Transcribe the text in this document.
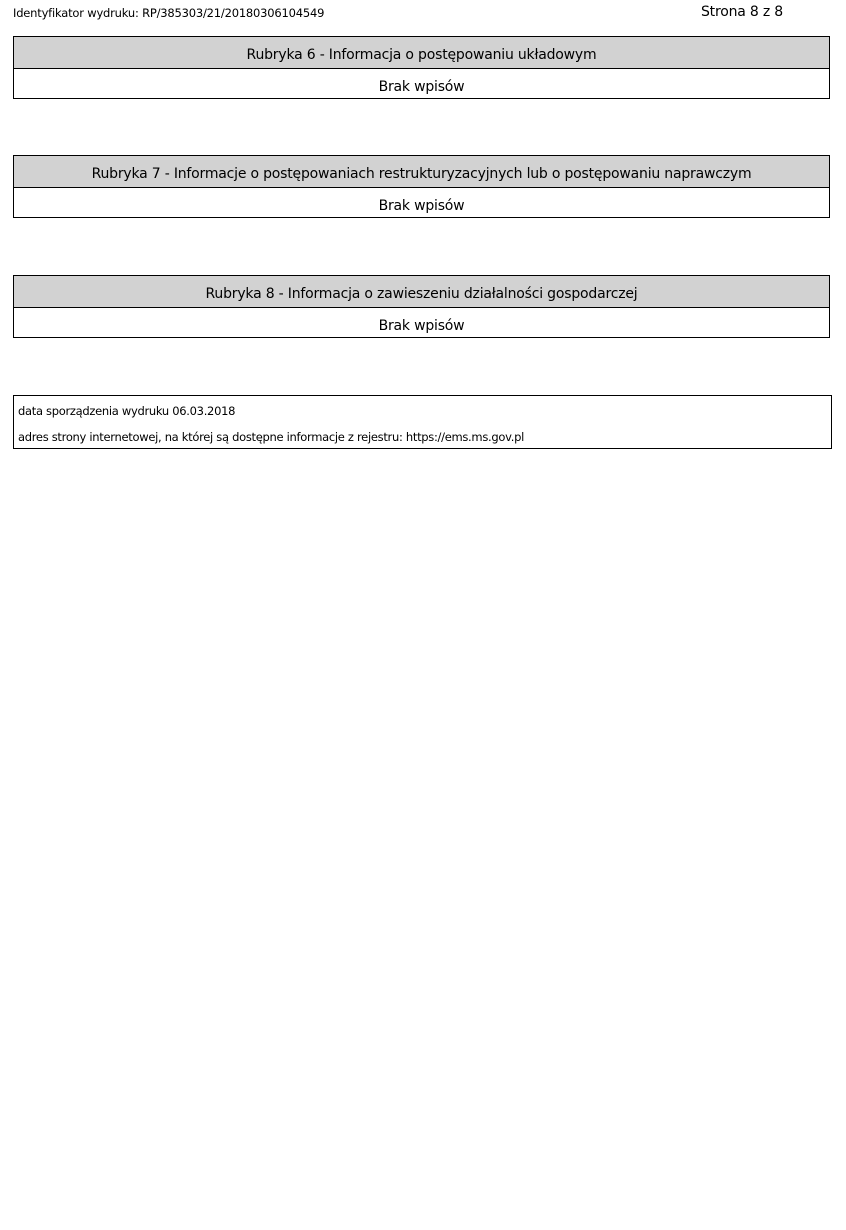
Identyfikator wydruku: RP/385303/21/20180306104549	Strona 8 z 8
Rubryka 6 - Informacja o postępowaniu układowym
Brak wpisów
Rubryka 7 - Informacje o postępowaniach restrukturyzacyjnych lub o postępowaniu naprawczym
Brak wpisów
Rubryka 8 - Informacja o zawieszeniu działalności gospodarczej
Brak wpisów
data sporządzenia wydruku 06.03.2018
adres strony internetowej, na której są dostępne informacje z rejestru: https://ems.ms.gov.pl
